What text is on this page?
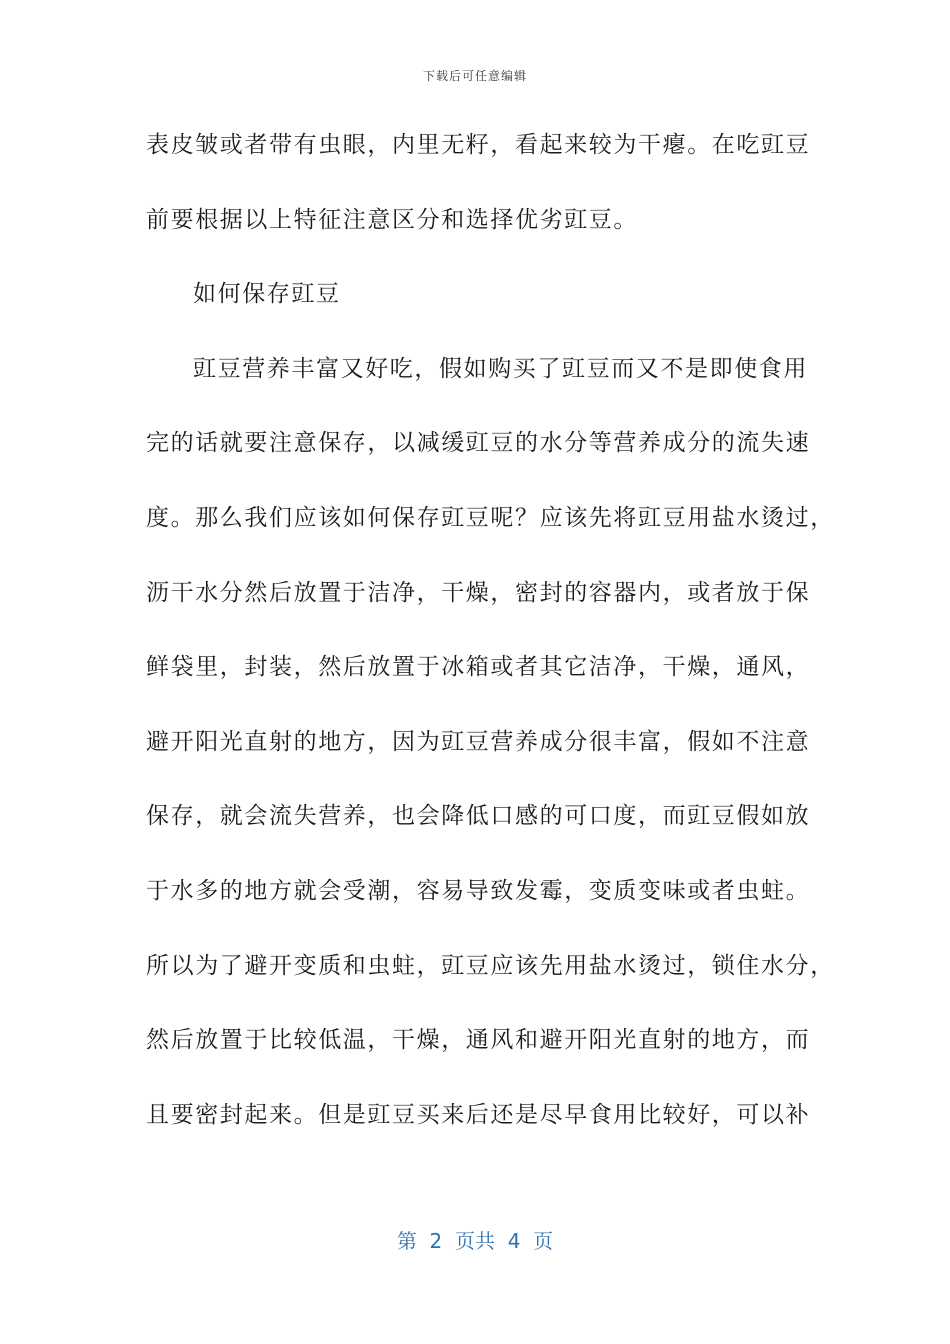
下载后可任意编辑
表皮皱或者带有虫眼，内里无籽，看起来较为干瘪。在吃豇豆
前要根据以上特征注意区分和选择优劣豇豆。
如何保存豇豆
豇豆营养丰富又好吃，假如购买了豇豆而又不是即使食用
完的话就要注意保存，以减缓豇豆的水分等营养成分的流失速
度。那么我们应该如何保存豇豆呢？应该先将豇豆用盐水烫过，
沥干水分然后放置于洁净，干燥，密封的容器内，或者放于保
鲜袋里，封装，然后放置于冰箱或者其它洁净，干燥，通风，
避开阳光直射的地方，因为豇豆营养成分很丰富，假如不注意
保存，就会流失营养，也会降低口感的可口度，而豇豆假如放
于水多的地方就会受潮，容易导致发霉，变质变味或者虫蛀。
所以为了避开变质和虫蛀，豇豆应该先用盐水烫过，锁住水分，
然后放置于比较低温，干燥，通风和避开阳光直射的地方，而
且要密封起来。但是豇豆买来后还是尽早食用比较好，可以补
第  2  页共  4  页
